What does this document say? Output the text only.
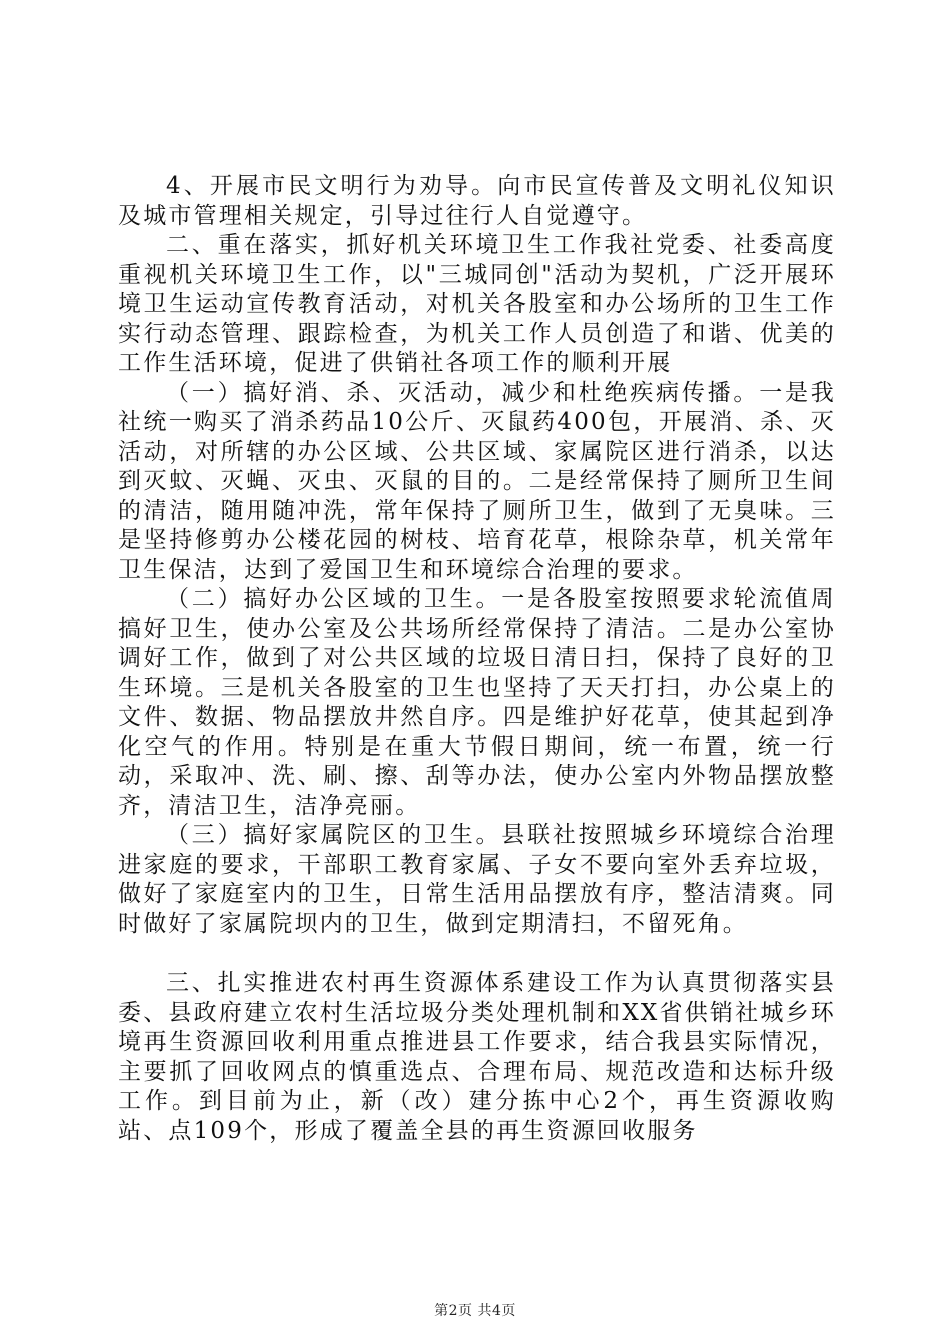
4、开展市民文明行为劝导。向市民宣传普及文明礼仪知识及城市管理相关规定，引导过往行人自觉遵守。

二、重在落实，抓好机关环境卫生工作我社党委、社委高度重视机关环境卫生工作，以"三城同创"活动为契机，广泛开展环境卫生运动宣传教育活动，对机关各股室和办公场所的卫生工作实行动态管理、跟踪检查，为机关工作人员创造了和谐、优美的工作生活环境，促进了供销社各项工作的顺利开展

（一）搞好消、杀、灭活动，减少和杜绝疾病传播。一是我社统一购买了消杀药品10公斤、灭鼠药400包，开展消、杀、灭活动，对所辖的办公区域、公共区域、家属院区进行消杀，以达到灭蚊、灭蝇、灭虫、灭鼠的目的。二是经常保持了厕所卫生间的清洁，随用随冲洗，常年保持了厕所卫生，做到了无臭味。三是坚持修剪办公楼花园的树枝、培育花草，根除杂草，机关常年卫生保洁，达到了爱国卫生和环境综合治理的要求。

（二）搞好办公区域的卫生。一是各股室按照要求轮流值周搞好卫生，使办公室及公共场所经常保持了清洁。二是办公室协调好工作，做到了对公共区域的垃圾日清日扫，保持了良好的卫生环境。三是机关各股室的卫生也坚持了天天打扫，办公桌上的文件、数据、物品摆放井然自序。四是维护好花草，使其起到净化空气的作用。特别是在重大节假日期间，统一布置，统一行动，采取冲、洗、刷、擦、刮等办法，使办公室内外物品摆放整齐，清洁卫生，洁净亮丽。

（三）搞好家属院区的卫生。县联社按照城乡环境综合治理进家庭的要求，干部职工教育家属、子女不要向室外丢弃垃圾，做好了家庭室内的卫生，日常生活用品摆放有序，整洁清爽。同时做好了家属院坝内的卫生，做到定期清扫，不留死角。

三、扎实推进农村再生资源体系建设工作为认真贯彻落实县委、县政府建立农村生活垃圾分类处理机制和XX省供销社城乡环境再生资源回收利用重点推进县工作要求，结合我县实际情况，主要抓了回收网点的慎重选点、合理布局、规范改造和达标升级工作。到目前为止，新（改）建分拣中心2个，再生资源收购站、点109个，形成了覆盖全县的再生资源回收服务

第2页 共4页
